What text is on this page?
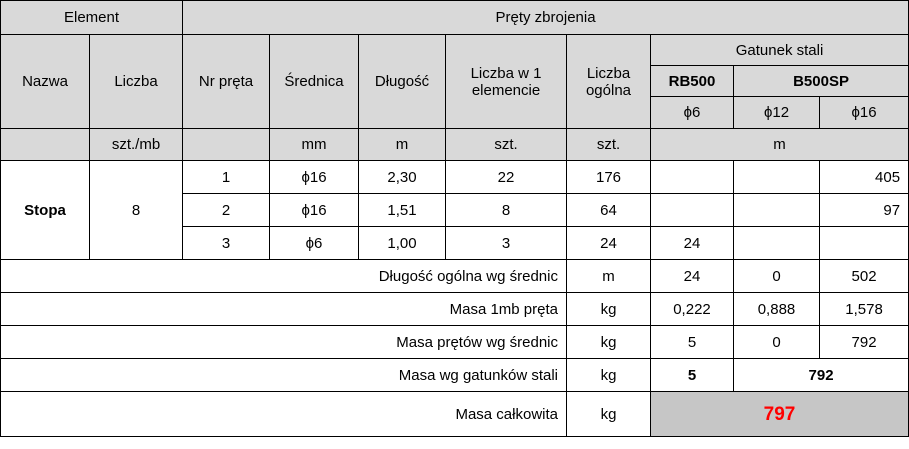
Element		Pręty zbrojenia							
Nazwa	Liczba	Nr pręta	Średnica	Długość	Liczba w 1 elemencie	Liczba ogólna	Gatunek stali		
							RB500	B500SP	
							ϕ6	ϕ12	ϕ16
	szt./mb		mm	m	szt.	szt.	m		
Stopa	8	1	ϕ16	2,30	22	176			405
		2	ϕ16	1,51	8	64			97
		3	ϕ6	1,00	3	24	24		
Długość ogólna wg średnic						m	24	0	502
Masa 1mb pręta						kg	0,222	0,888	1,578
Masa prętów wg średnic						kg	5	0	792
Masa wg gatunków stali						kg	5	792	
Masa całkowita						kg	797		
